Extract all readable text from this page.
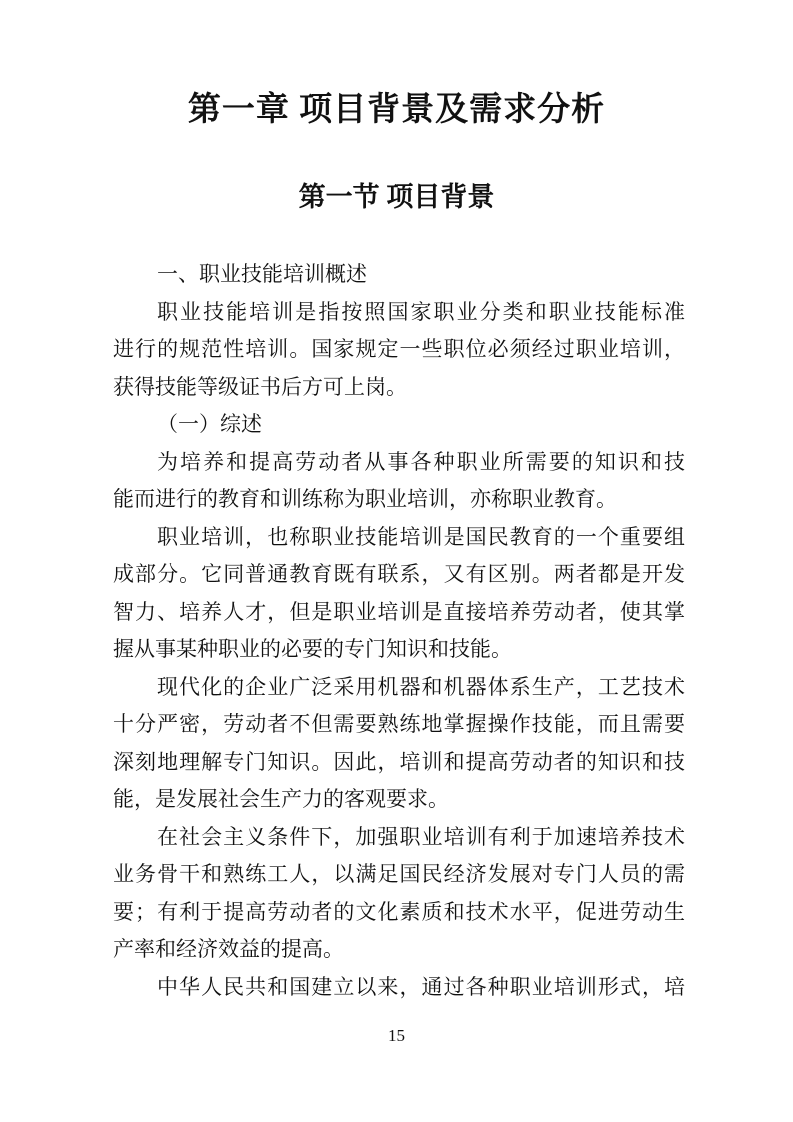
第一章 项目背景及需求分析
第一节 项目背景
一、职业技能培训概述
职业技能培训是指按照国家职业分类和职业技能标准
进行的规范性培训。国家规定一些职位必须经过职业培训，
获得技能等级证书后方可上岗。
（一）综述
为培养和提高劳动者从事各种职业所需要的知识和技
能而进行的教育和训练称为职业培训，亦称职业教育。
职业培训，也称职业技能培训是国民教育的一个重要组
成部分。它同普通教育既有联系，又有区别。两者都是开发
智力、培养人才，但是职业培训是直接培养劳动者，使其掌
握从事某种职业的必要的专门知识和技能。
现代化的企业广泛采用机器和机器体系生产，工艺技术
十分严密，劳动者不但需要熟练地掌握操作技能，而且需要
深刻地理解专门知识。因此，培训和提高劳动者的知识和技
能，是发展社会生产力的客观要求。
在社会主义条件下，加强职业培训有利于加速培养技术
业务骨干和熟练工人，以满足国民经济发展对专门人员的需
要；有利于提高劳动者的文化素质和技术水平，促进劳动生
产率和经济效益的提高。
中华人民共和国建立以来，通过各种职业培训形式，培
15
